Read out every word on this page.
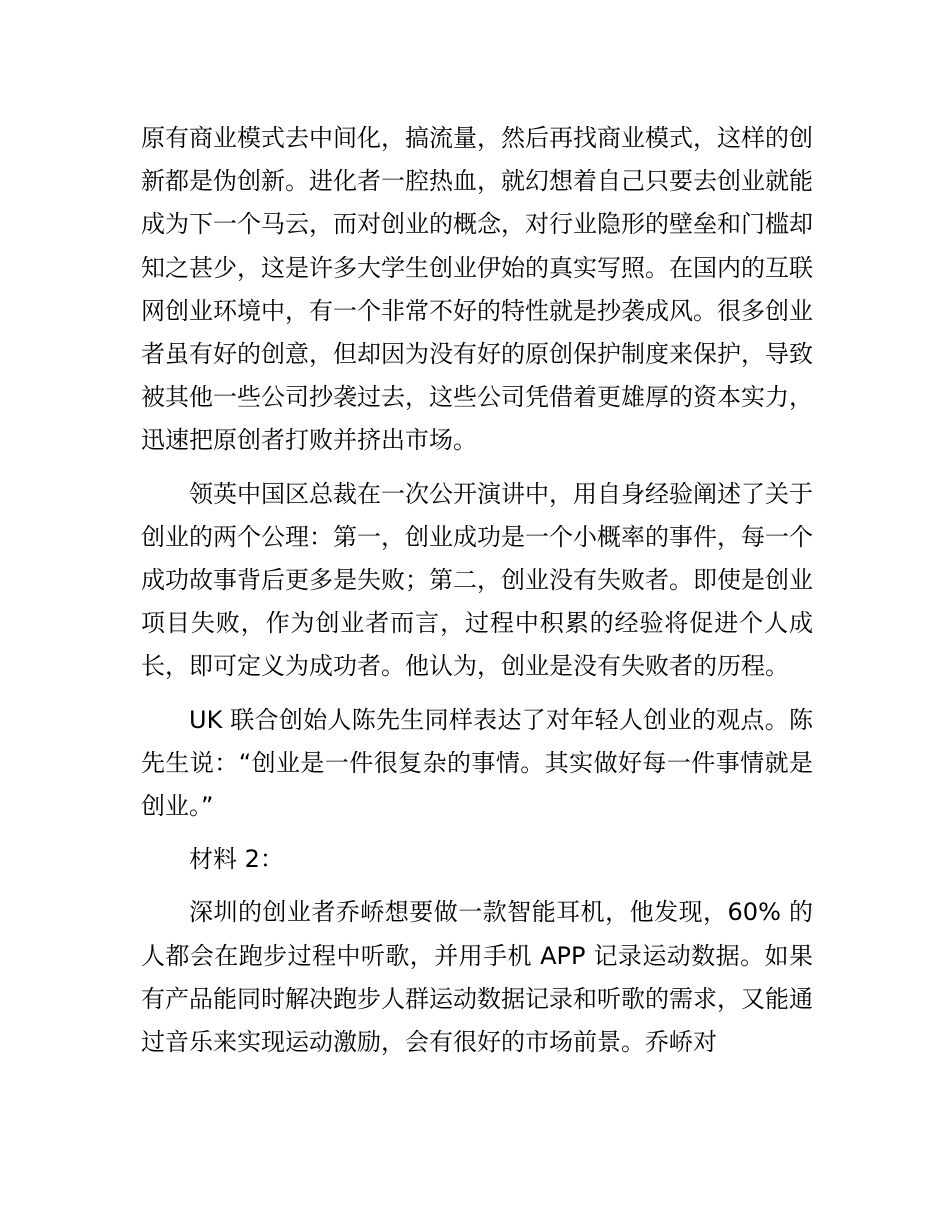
原有商业模式去中间化，搞流量，然后再找商业模式，这样的创新都是伪创新。进化者一腔热血，就幻想着自己只要去创业就能成为下一个马云，而对创业的概念，对行业隐形的壁垒和门槛却知之甚少，这是许多大学生创业伊始的真实写照。在国内的互联网创业环境中，有一个非常不好的特性就是抄袭成风。很多创业者虽有好的创意，但却因为没有好的原创保护制度来保护，导致被其他一些公司抄袭过去，这些公司凭借着更雄厚的资本实力，迅速把原创者打败并挤出市场。

领英中国区总裁在一次公开演讲中，用自身经验阐述了关于创业的两个公理：第一，创业成功是一个小概率的事件，每一个成功故事背后更多是失败；第二，创业没有失败者。即使是创业项目失败，作为创业者而言，过程中积累的经验将促进个人成长，即可定义为成功者。他认为，创业是没有失败者的历程。

UK 联合创始人陈先生同样表达了对年轻人创业的观点。陈先生说：“创业是一件很复杂的事情。其实做好每一件事情就是创业。”

材料 2：

深圳的创业者乔峤想要做一款智能耳机，他发现，60% 的人都会在跑步过程中听歌，并用手机 APP 记录运动数据。如果有产品能同时解决跑步人群运动数据记录和听歌的需求，又能通过音乐来实现运动激励，会有很好的市场前景。乔峤对
